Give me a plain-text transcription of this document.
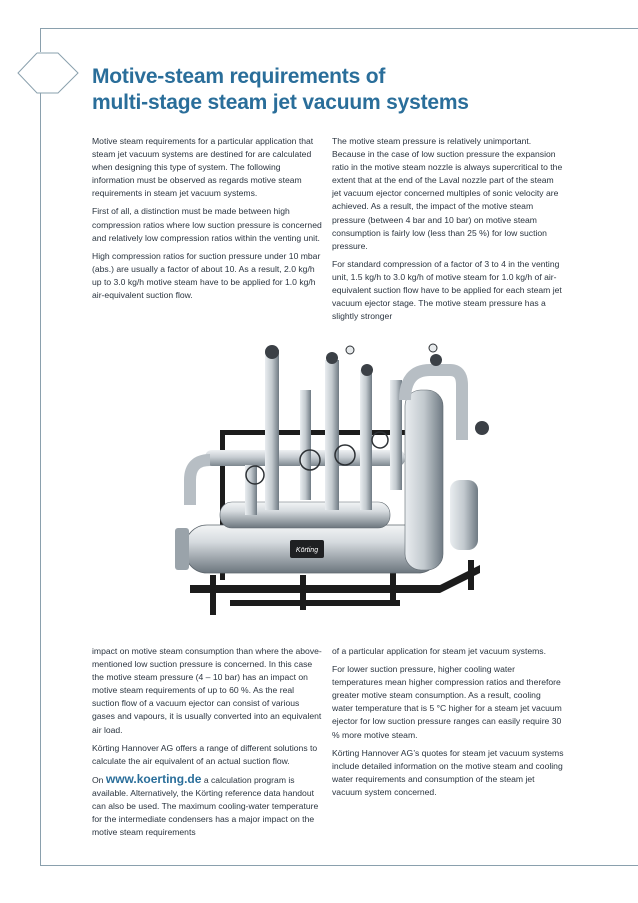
Motive-steam requirements of
multi-stage steam jet vacuum systems

Motive steam requirements for a particular application that steam jet vacuum systems are destined for are calculated when designing this type of system. The following information must be observed as regards motive steam requirements in steam jet vacuum systems.

First of all, a distinction must be made between high compression ratios where low suction pressure is concerned and relatively low compression ratios within the venting unit.

High compression ratios for suction pressure under 10 mbar (abs.) are usually a factor of about 10. As a result, 2.0 kg/h up to 3.0 kg/h motive steam have to be applied for 1.0 kg/h air-equivalent suction flow.

The motive steam pressure is relatively unimportant. Because in the case of low suction pressure the expansion ratio in the motive steam nozzle is always supercritical to the extent that at the end of the Laval nozzle part of the steam jet vacuum ejector concerned multiples of sonic velocity are achieved. As a result, the impact of the motive steam pressure (between 4 bar and 10 bar) on motive steam consumption is fairly low (less than 25 %) for low suction pressure.

For standard compression of a factor of 3 to 4 in the venting unit, 1.5 kg/h to 3.0 kg/h of motive steam for 1.0 kg/h of air-equivalent suction flow have to be applied for each steam jet vacuum ejector stage. The motive steam pressure has a slightly stronger

Körting

impact on motive steam consumption than where the above-mentioned low suction pressure is concerned. In this case the motive steam pressure (4 – 10 bar) has an impact on motive steam requirements of up to 60 %. As the real suction flow of a vacuum ejector can consist of various gases and vapours, it is usually converted into an equivalent air load.

Körting Hannover AG offers a range of different solutions to calculate the air equivalent of an actual suction flow.

On www.koerting.de a calculation program is available. Alternatively, the Körting reference data handout can also be used. The maximum cooling-water temperature for the intermediate condensers has a major impact on the motive steam requirements

of a particular application for steam jet vacuum systems.

For lower suction pressure, higher cooling water temperatures mean higher compression ratios and therefore greater motive steam consumption. As a result, cooling water temperature that is 5 °C higher for a steam jet vacuum ejector for low suction pressure ranges can easily require 30 % more motive steam.

Körting Hannover AG’s quotes for steam jet vacuum systems include detailed information on the motive steam and cooling water requirements and consumption of the steam jet vacuum system concerned.
